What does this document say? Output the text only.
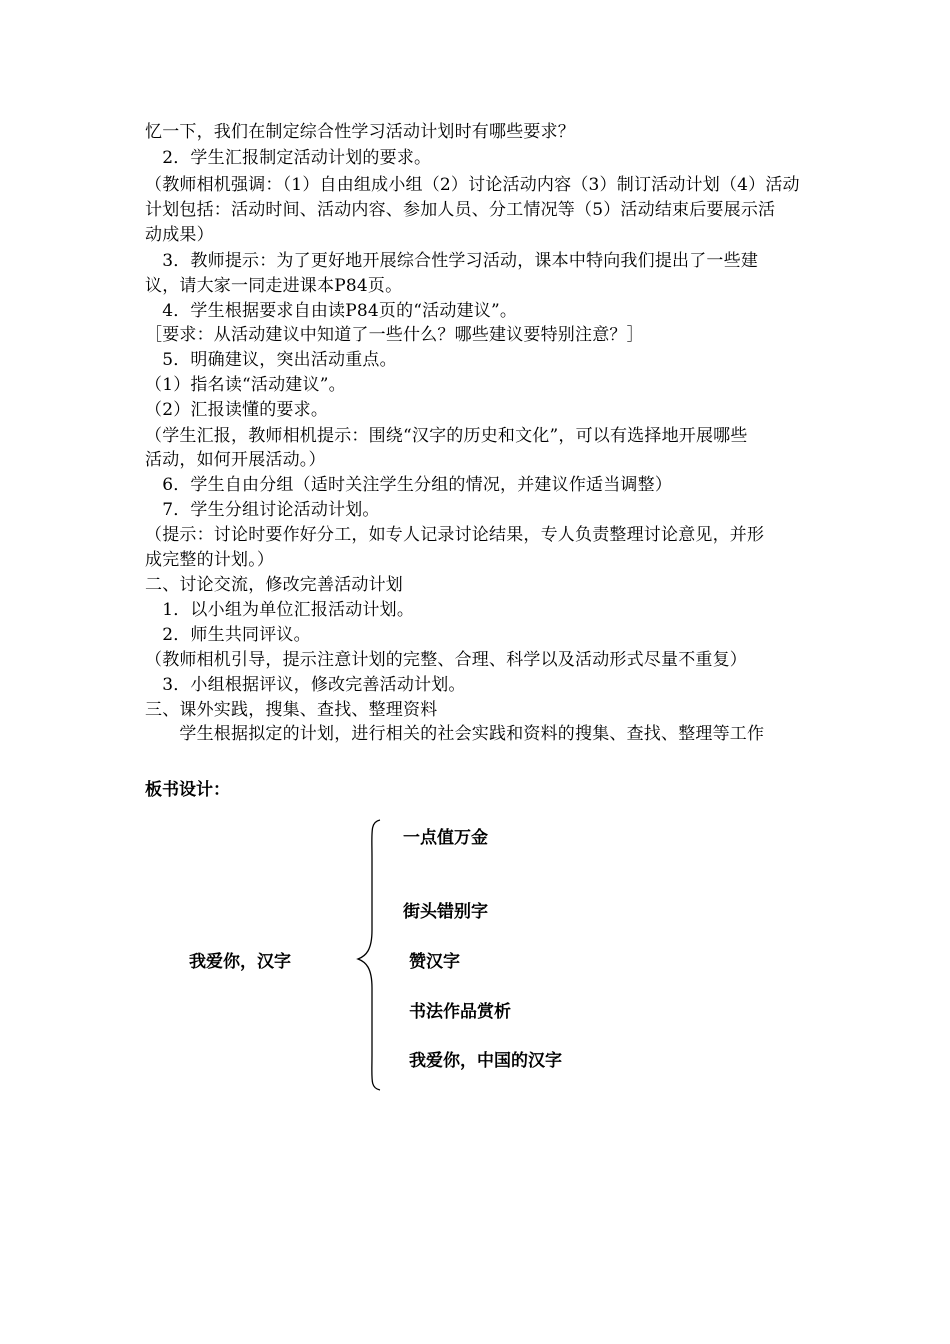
忆一下，我们在制定综合性学习活动计划时有哪些要求？
　2．学生汇报制定活动计划的要求。
（教师相机强调：（1）自由组成小组（2）讨论活动内容（3）制订活动计划（4）活动
计划包括：活动时间、活动内容、参加人员、分工情况等（5）活动结束后要展示活
动成果）
　3．教师提示：为了更好地开展综合性学习活动，课本中特向我们提出了一些建
议，请大家一同走进课本P84页。
　4．学生根据要求自由读P84页的“活动建议”。
［要求：从活动建议中知道了一些什么？哪些建议要特别注意？］
　5．明确建议，突出活动重点。
（1）指名读“活动建议”。
（2）汇报读懂的要求。
（学生汇报，教师相机提示：围绕“汉字的历史和文化”，可以有选择地开展哪些
活动，如何开展活动。）
　6．学生自由分组（适时关注学生分组的情况，并建议作适当调整）
　7．学生分组讨论活动计划。
（提示：讨论时要作好分工，如专人记录讨论结果，专人负责整理讨论意见，并形
成完整的计划。）
二、讨论交流，修改完善活动计划
　1．以小组为单位汇报活动计划。
　2．师生共同评议。
（教师相机引导，提示注意计划的完整、合理、科学以及活动形式尽量不重复）
　3．小组根据评议，修改完善活动计划。
三、课外实践，搜集、查找、整理资料
　　学生根据拟定的计划，进行相关的社会实践和资料的搜集、查找、整理等工作
板书设计：
我爱你，汉字
一点值万金
街头错别字
赞汉字
书法作品赏析
我爱你，中国的汉字
